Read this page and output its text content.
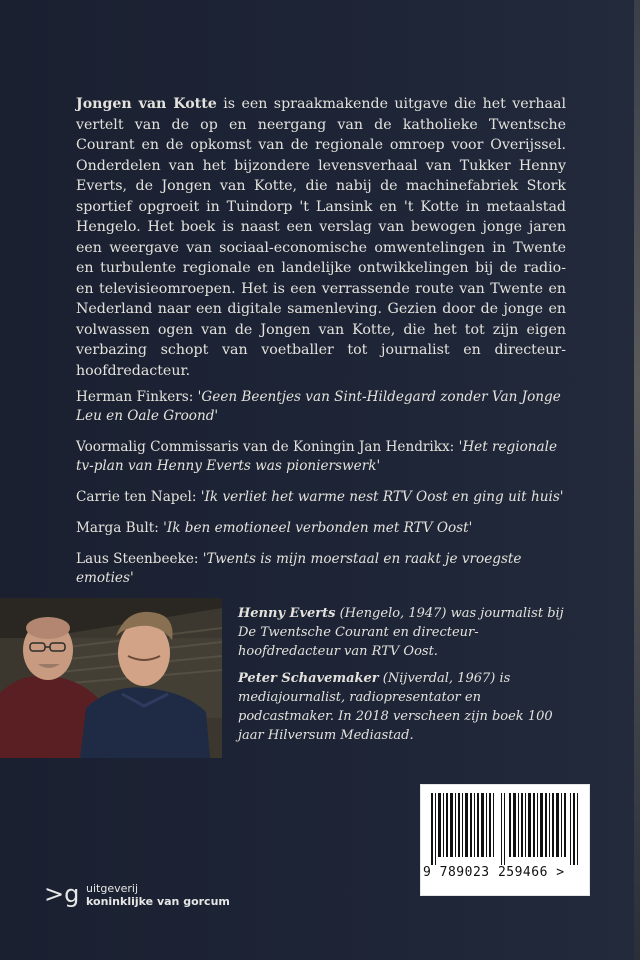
Jongen van Kotte is een spraakmakende uitgave die het verhaal vertelt van de op en neergang van de katholieke Twentsche Courant en de opkomst van de regionale omroep voor Overijssel. Onderdelen van het bijzondere levensverhaal van Tukker Henny Everts, de Jongen van Kotte, die nabij de machinefabriek Stork sportief opgroeit in Tuindorp 't Lansink en 't Kotte in metaalstad Hengelo. Het boek is naast een verslag van bewogen jonge jaren een weergave van sociaal-economische omwentelingen in Twente en turbulente regionale en landelijke ontwikkelingen bij de radio- en televisieomroepen. Het is een verrassende route van Twente en Nederland naar een digitale samenleving. Gezien door de jonge en volwassen ogen van de Jongen van Kotte, die het tot zijn eigen verbazing schopt van voetballer tot journalist en directeur-hoofdredacteur.

Herman Finkers: 'Geen Beentjes van Sint-Hildegard zonder Van Jonge Leu en Oale Groond'

Voormalig Commissaris van de Koningin Jan Hendrikx: 'Het regionale tv-plan van Henny Everts was pionierswerk'

Carrie ten Napel: 'Ik verliet het warme nest RTV Oost en ging uit huis'

Marga Bult: 'Ik ben emotioneel verbonden met RTV Oost'

Laus Steenbeeke: 'Twents is mijn moerstaal en raakt je vroegste emoties'

Henny Everts (Hengelo, 1947) was journalist bij De Twentsche Courant en directeur-hoofdredacteur van RTV Oost.

Peter Schavemaker (Nijverdal, 1967) is mediajournalist, radiopresentator en podcastmaker. In 2018 verscheen zijn boek 100 jaar Hilversum Mediastad.

9 789023 259466 >
>g uitgeverij
koninklijke van gorcum
